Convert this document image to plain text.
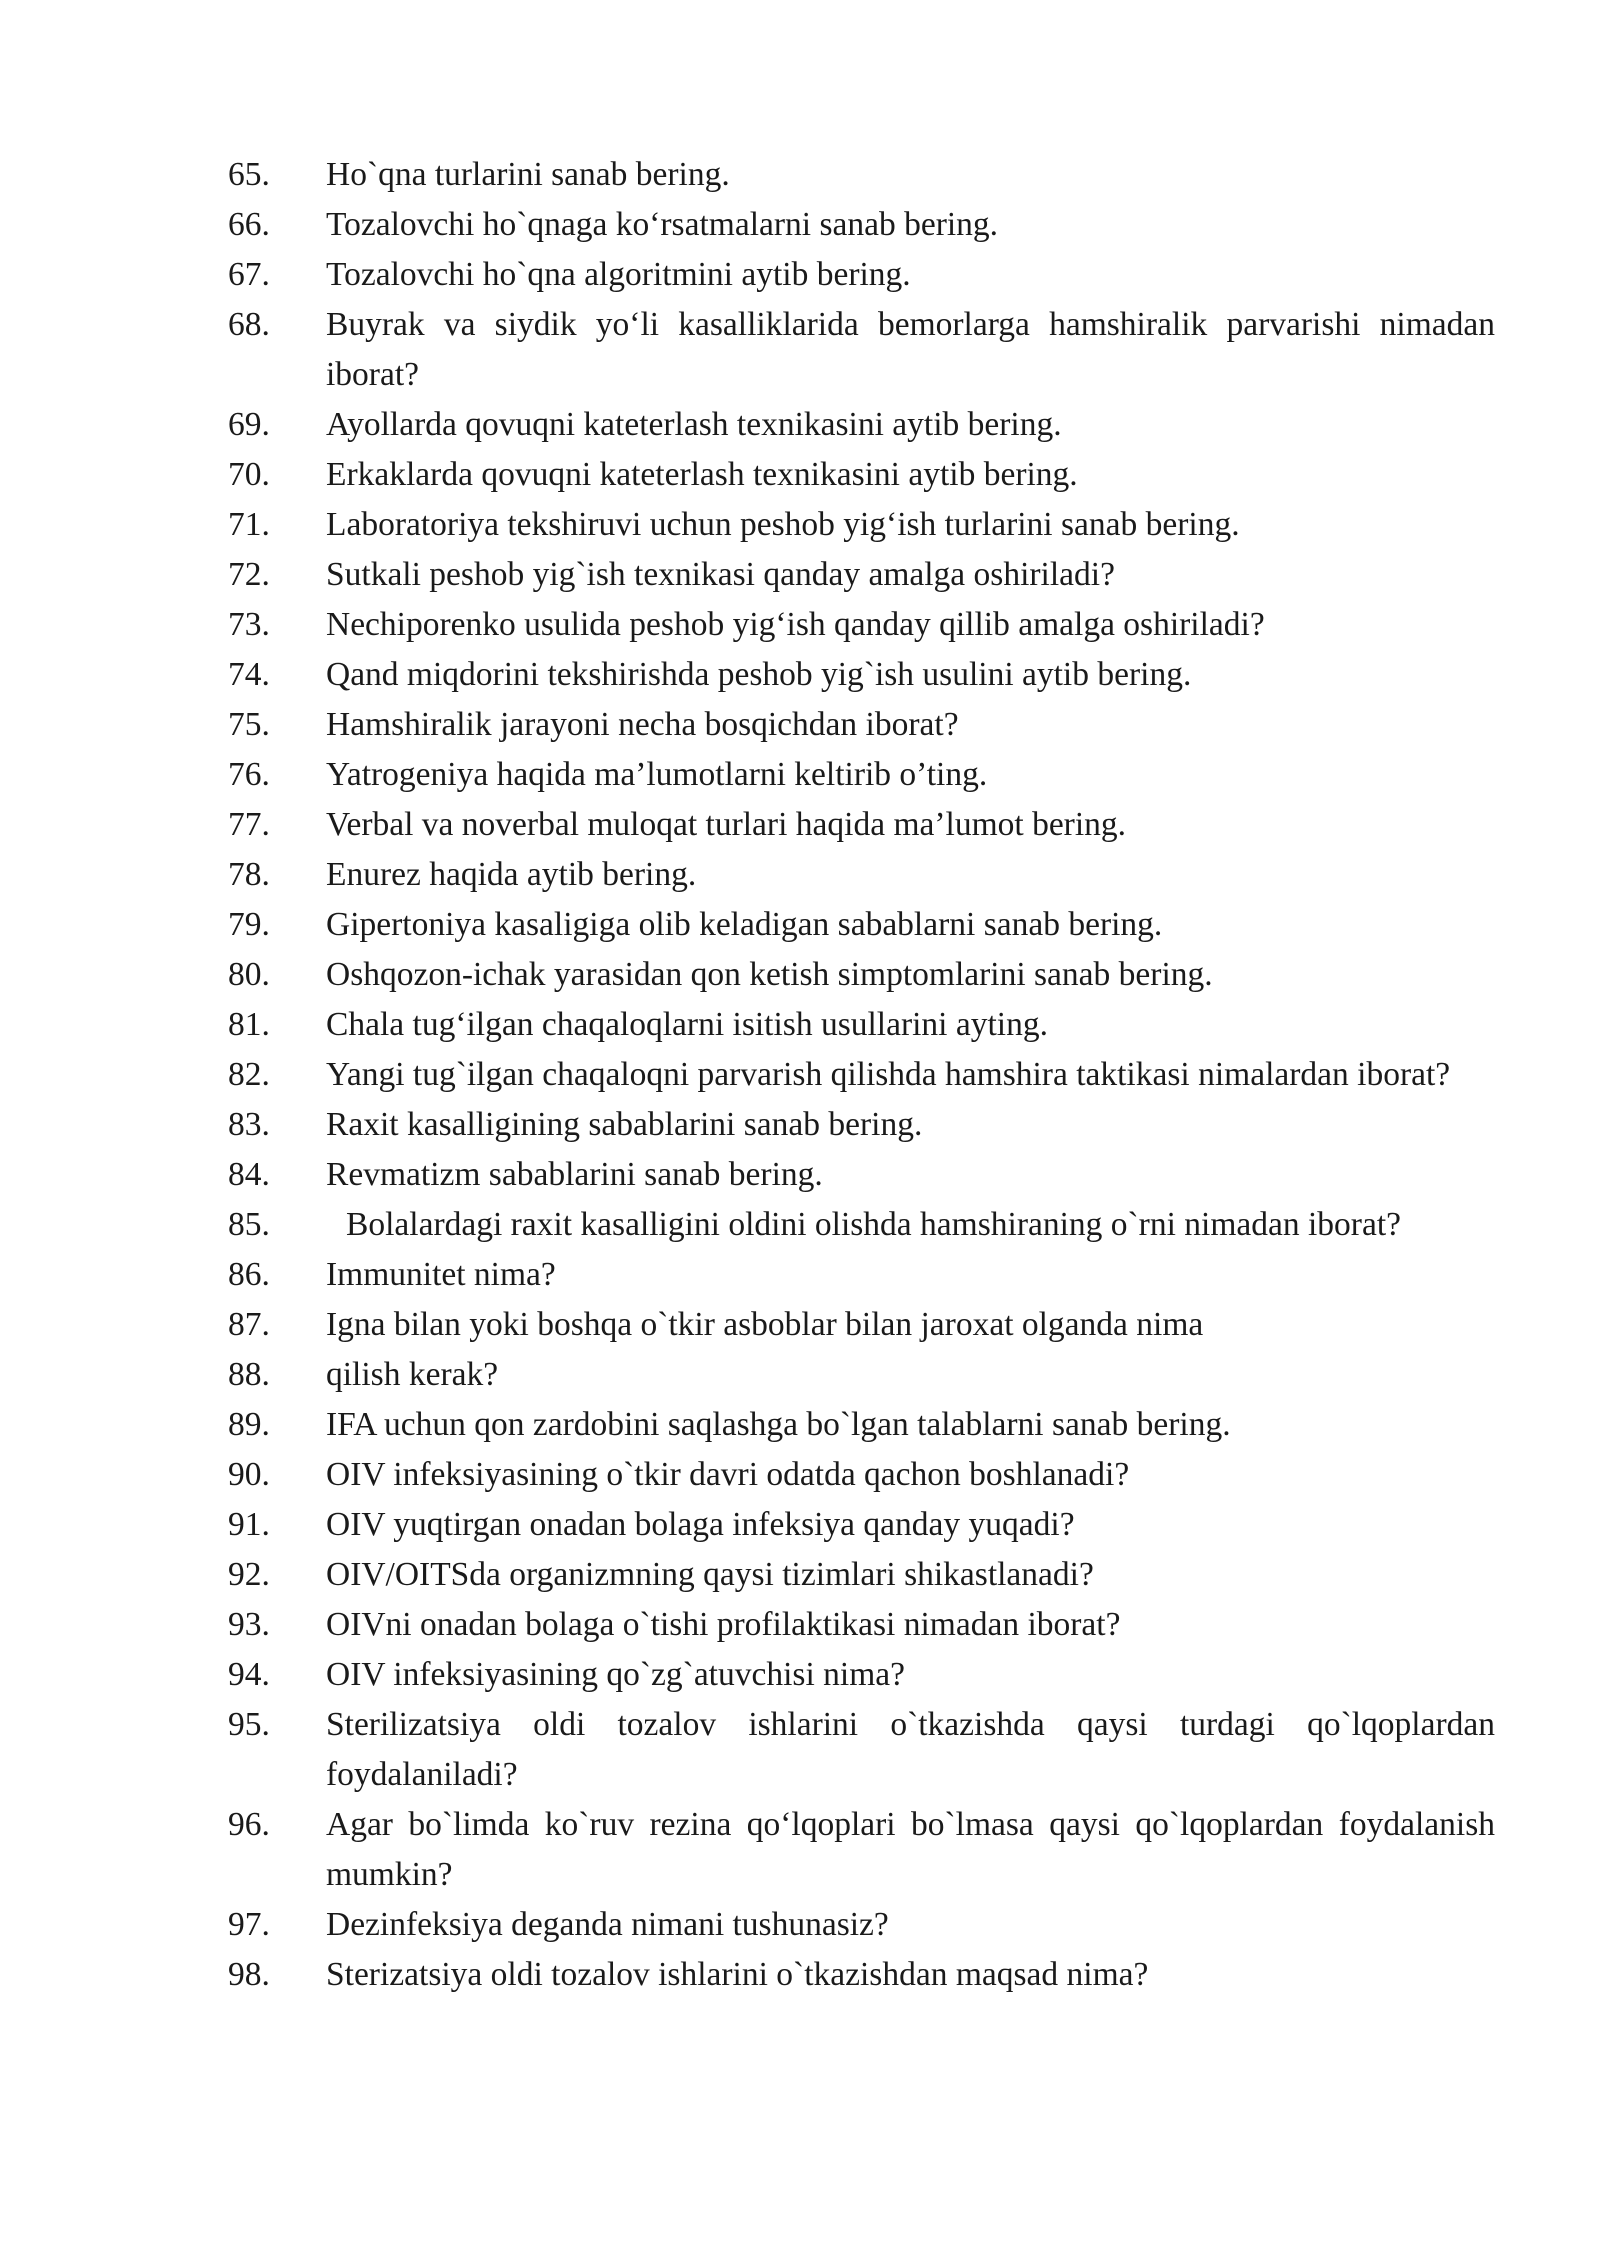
65.	Ho`qna turlarini sanab bering.
66.	Tozalovchi ho`qnaga ko‘rsatmalarni sanab bering.
67.	Tozalovchi ho`qna algoritmini aytib bering.
68.	Buyrak va siydik yo‘li kasalliklarida bemorlarga hamshiralik parvarishi nimadan iborat?
69.	Ayollarda qovuqni kateterlash texnikasini aytib bering.
70.	Erkaklarda qovuqni kateterlash texnikasini aytib bering.
71.	Laboratoriya tekshiruvi uchun peshob yig‘ish turlarini sanab bering.
72.	Sutkali peshob yig`ish texnikasi qanday amalga oshiriladi?
73.	Nechiporenko usulida peshob yig‘ish qanday qillib amalga oshiriladi?
74.	Qand miqdorini tekshirishda peshob yig`ish usulini aytib bering.
75.	Hamshiralik jarayoni necha bosqichdan iborat?
76.	Yatrogeniya haqida ma’lumotlarni keltirib o’ting.
77.	Verbal va noverbal muloqat turlari haqida ma’lumot bering.
78.	Enurez haqida aytib bering.
79.	Gipertoniya kasaligiga olib keladigan sabablarni sanab bering.
80.	Oshqozon-ichak yarasidan qon ketish simptomlarini sanab bering.
81.	Chala tug‘ilgan chaqaloqlarni isitish usullarini ayting.
82.	Yangi tug`ilgan chaqaloqni parvarish qilishda hamshira taktikasi nimalardan iborat?
83.	Raxit kasalligining sabablarini sanab bering.
84.	Revmatizm sabablarini sanab bering.
85.	Bolalardagi raxit kasalligini oldini olishda hamshiraning o`rni nimadan iborat?
86.	Immunitet nima?
87.	Igna bilan yoki boshqa o`tkir asboblar bilan jaroxat olganda nima
88.	qilish kerak?
89.	IFA uchun qon zardobini saqlashga bo`lgan talablarni sanab bering.
90.	OIV infeksiyasining o`tkir davri odatda qachon boshlanadi?
91.	OIV yuqtirgan onadan bolaga infeksiya qanday yuqadi?
92.	OIV/OITSda organizmning qaysi tizimlari shikastlanadi?
93.	OIVni onadan bolaga o`tishi profilaktikasi nimadan iborat?
94.	OIV infeksiyasining qo`zg`atuvchisi nima?
95.	Sterilizatsiya oldi tozalov ishlarini o`tkazishda qaysi turdagi qo`lqoplardan foydalaniladi?
96.	Agar bo`limda ko`ruv rezina qo‘lqoplari bo`lmasa qaysi qo`lqoplardan foydalanish mumkin?
97.	Dezinfeksiya deganda nimani tushunasiz?
98.	Sterizatsiya oldi tozalov ishlarini o`tkazishdan maqsad nima?
